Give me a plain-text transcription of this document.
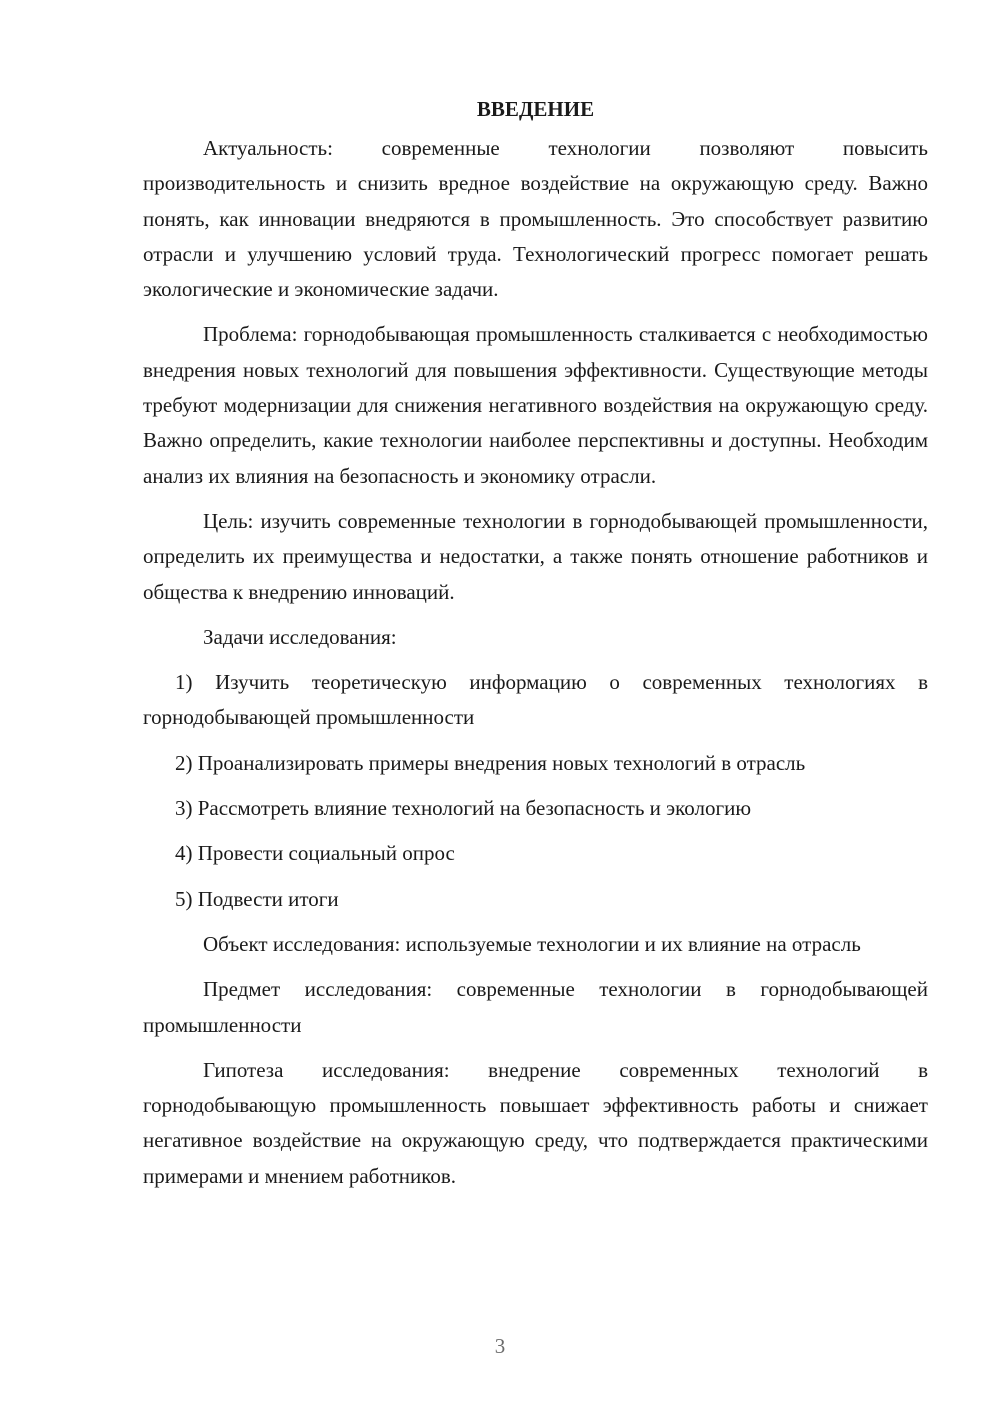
ВВЕДЕНИЕ

Актуальность: современные технологии позволяют повысить производительность и снизить вредное воздействие на окружающую среду. Важно понять, как инновации внедряются в промышленность. Это способствует развитию отрасли и улучшению условий труда. Технологический прогресс помогает решать экологические и экономические задачи.

Проблема: горнодобывающая промышленность сталкивается с необходимостью внедрения новых технологий для повышения эффективности. Существующие методы требуют модернизации для снижения негативного воздействия на окружающую среду. Важно определить, какие технологии наиболее перспективны и доступны. Необходим анализ их влияния на безопасность и экономику отрасли.

Цель: изучить современные технологии в горнодобывающей промышленности, определить их преимущества и недостатки, а также понять отношение работников и общества к внедрению инноваций.

Задачи исследования:

1) Изучить теоретическую информацию о современных технологиях в горнодобывающей промышленности
2) Проанализировать примеры внедрения новых технологий в отрасль
3) Рассмотреть влияние технологий на безопасность и экологию
4) Провести социальный опрос
5) Подвести итоги

Объект исследования: используемые технологии и их влияние на отрасль

Предмет исследования: современные технологии в горнодобывающей промышленности

Гипотеза исследования: внедрение современных технологий в горнодобывающую промышленность повышает эффективность работы и снижает негативное воздействие на окружающую среду, что подтверждается практическими примерами и мнением работников.

3
